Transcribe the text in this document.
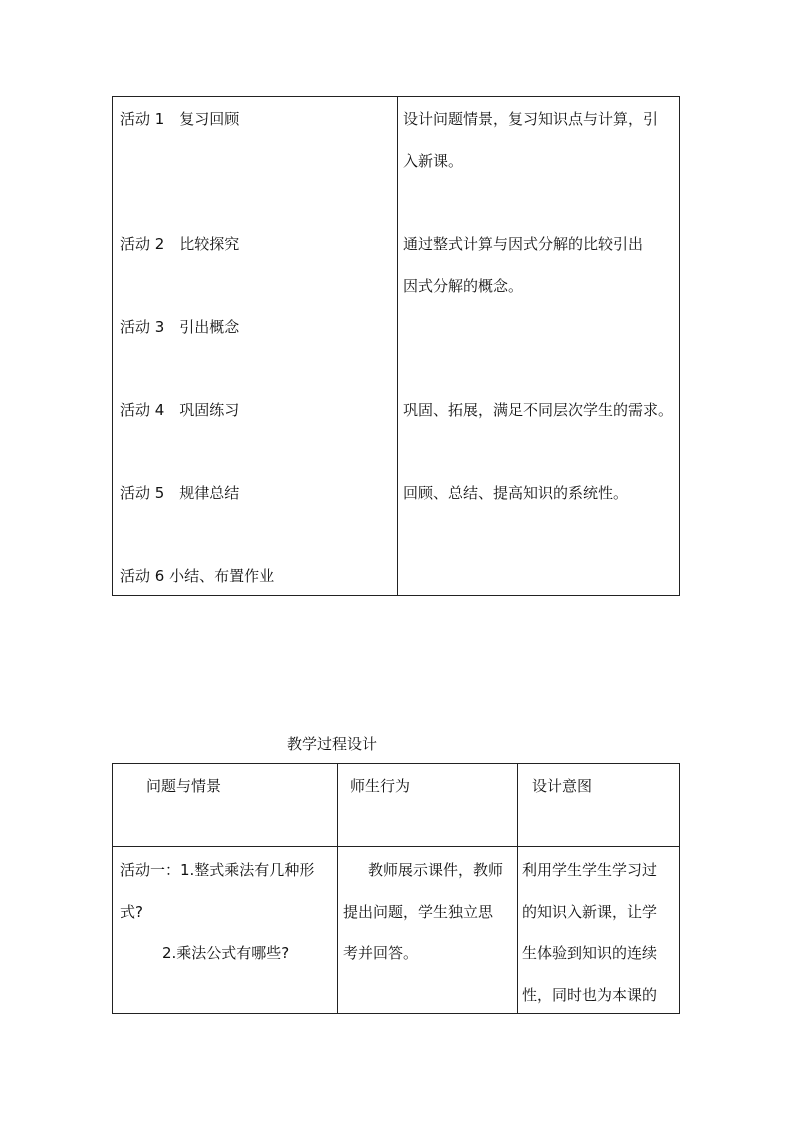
活动 1　复习回顾
活动 2　比较探究
活动 3　引出概念
活动 4　巩固练习
活动 5　规律总结
活动 6 小结、布置作业
设计问题情景，复习知识点与计算，引
入新课。
通过整式计算与因式分解的比较引出
因式分解的概念。
巩固、拓展，满足不同层次学生的需求。
回顾、总结、提高知识的系统性。
教学过程设计
问题与情景	师生行为	设计意图
活动一：1.整式乘法有几种形
式?
2.乘法公式有哪些?
教师展示课件，教师
提出问题，学生独立思
考并回答。
利用学生学生学习过
的知识入新课，让学
生体验到知识的连续
性，同时也为本课的
